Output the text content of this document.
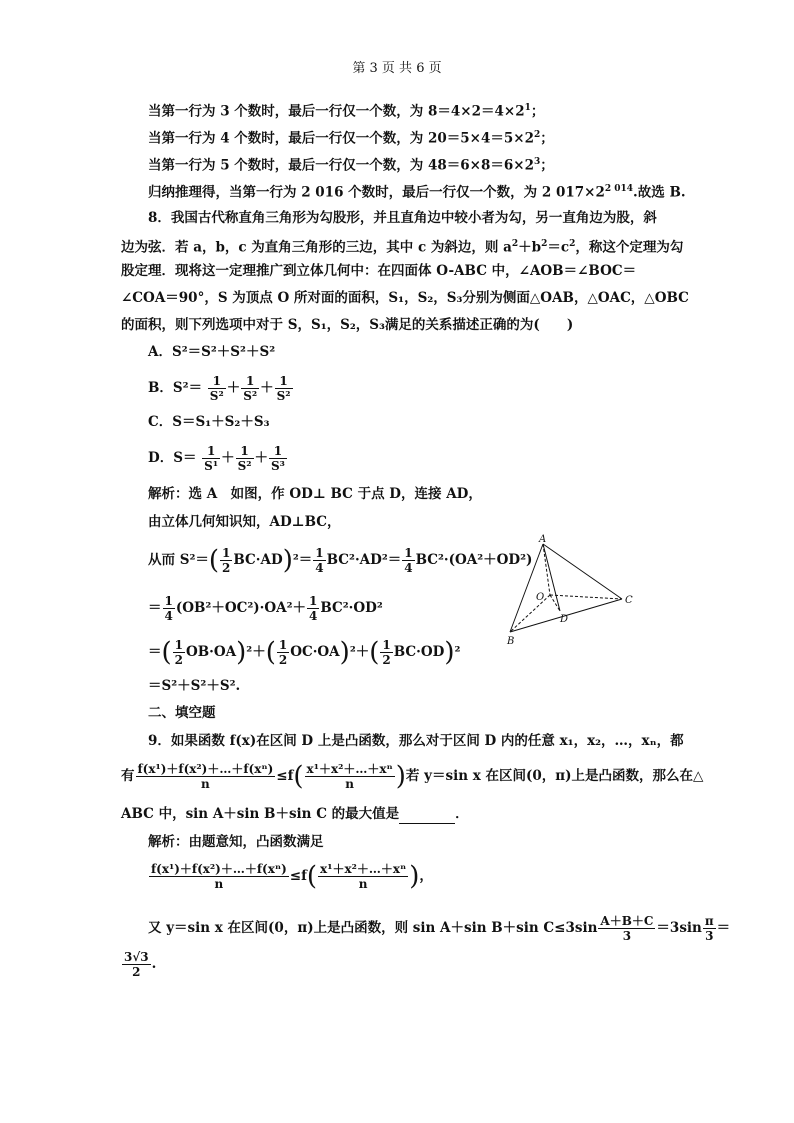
第 3 页 共 6 页
当第一行为 3 个数时，最后一行仅一个数，为 $8=4\times 2=4\times 2^1$；
当第一行为 4 个数时，最后一行仅一个数，为 $20=5\times 4=5\times 2^2$；
当第一行为 5 个数时，最后一行仅一个数，为 $48=6\times 8=6\times 2^3$；
归纳推理得，当第一行为 2 016 个数时，最后一行仅一个数，为 2 $017\times 2^{2 014}$.故选 B.
8．我国古代称直角三角形为勾股形，并且直角边中较小者为勾，另一直角边为股，斜
边为弦．若 a，b，c 为直角三角形的三边，其中 c 为斜边，则 $a^2+b^2=c^2$，称这个定理为勾
股定理．现将这一定理推广到立体几何中：在四面体 O-ABC 中，∠AOB＝∠BOC＝
∠COA＝90°，S 为顶点 O 所对面的面积，S₁，S₂，S₃分别为侧面△OAB，△OAC，△OBC
的面积，则下列选项中对于 S，S₁，S₂，S₃满足的关系描述正确的为(　　)
A．S²＝S²＋S²＋S²
B．$S^2= \frac{1}{\text{S²}} + \frac{1}{\text{S²}} + \frac{1}{\text{S²}}$
C．S＝S₁＋S₂＋S₃
D．$S= \frac{1}{\text{S¹}} + \frac{1}{\text{S²}} + \frac{1}{\text{S³}}$
解析：选 A　如图，作 OD⊥ BC 于点 D，连接 AD，
由立体几何知识知，AD⊥BC，
从而 $S^2=( \frac{1}{2} BC\cdot AD)^2= \frac{1}{4} BC^2\cdot AD^2= \frac{1}{4} BC^2\cdot(OA^2+OD^2)$
＝ $\frac{1}{4} (OB^2+OC^2)\cdot OA^2+ \frac{1}{4} BC^2\cdot OD^2$
＝( $\frac{1}{2} OB\cdot OA)^2+( \frac{1}{2} OC\cdot OA)^2+( \frac{1}{2} BC\cdot OD)^2$
＝S²＋S²＋S².
A
O	C
D
B
二、填空题
9．如果函数 f(x)在区间 D 上是凸函数，那么对于区间 D 内的任意 x₁，x₂，…，xₙ，都
有 $\frac{\text{f(x¹)＋f(x²)＋…＋f(xⁿ)}}{n} \le f( \frac{\text{x¹＋x²＋…＋xⁿ}}{n}$ )若 y＝sin x 在区间(0，π)上是凸函数，那么在△
ABC 中，sin A＋sin B＋sin C 的最大值是	．
解析：由题意知，凸函数满足
$\frac{\text{f(x¹)＋f(x²)＋…＋f(xⁿ)}}{n} \le f( \frac{\text{x¹＋x²＋…＋xⁿ}}{n}$ )，
又 y＝sin x 在区间(0，π)上是凸函数，则 sin A＋sin B＋sin $C\le 3\sin \frac{A+B+C}{3} =3\sin \frac{\pi}{3}$ ＝
$\frac{3√3}{2}$ .
